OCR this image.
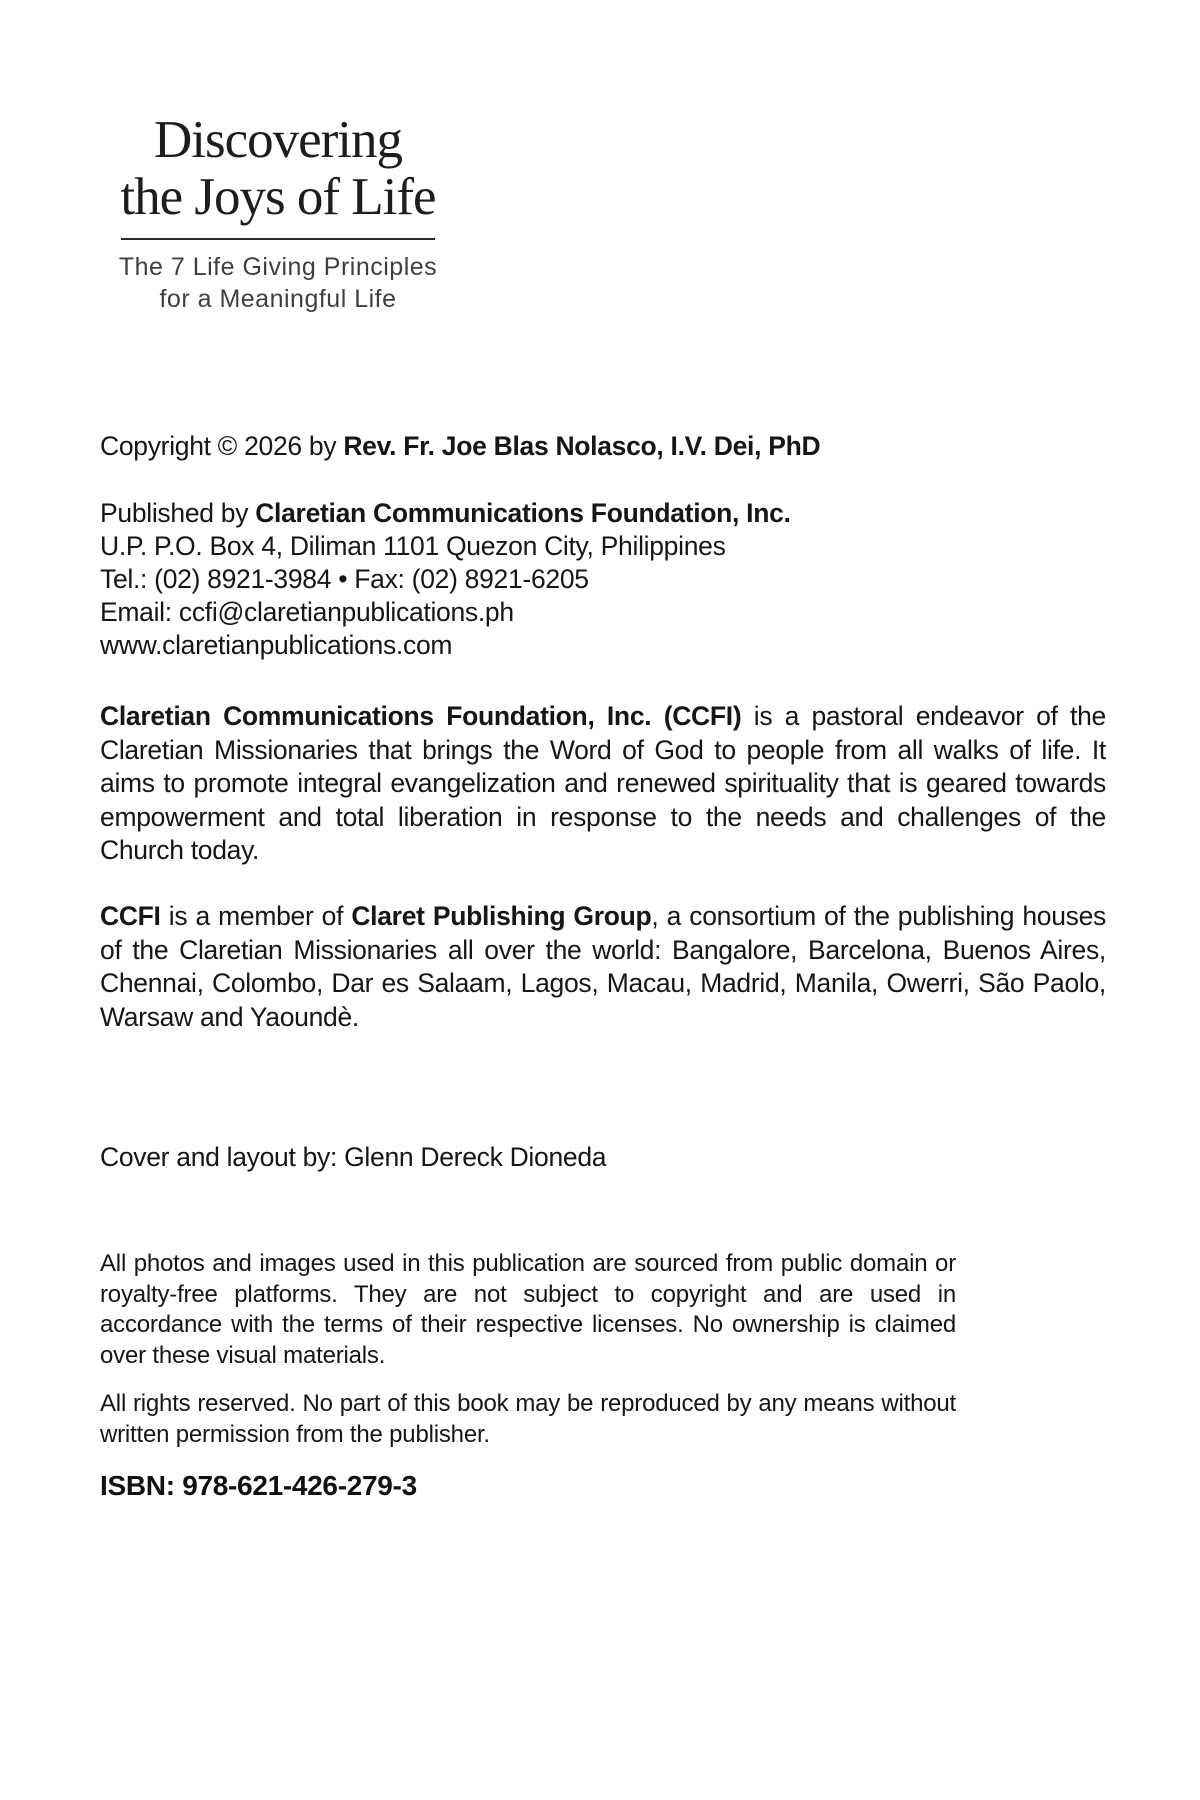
Discovering
the Joys of Life
The 7 Life Giving Principles
for a Meaningful Life
Copyright © 2026 by Rev. Fr. Joe Blas Nolasco, I.V. Dei, PhD
Published by Claretian Communications Foundation, Inc.
U.P. P.O. Box 4, Diliman 1101 Quezon City, Philippines
Tel.: (02) 8921-3984 • Fax: (02) 8921-6205
Email: ccfi@claretianpublications.ph
www.claretianpublications.com
Claretian Communications Foundation, Inc. (CCFI) is a pastoral endeavor of the Claretian Missionaries that brings the Word of God to people from all walks of life. It aims to promote integral evangelization and renewed spirituality that is geared towards empowerment and total liberation in response to the needs and challenges of the Church today.
CCFI is a member of Claret Publishing Group, a consortium of the publishing houses of the Claretian Missionaries all over the world: Bangalore, Barcelona, Buenos Aires, Chennai, Colombo, Dar es Salaam, Lagos, Macau, Madrid, Manila, Owerri, São Paolo, Warsaw and Yaoundè.
Cover and layout by: Glenn Dereck Dioneda
All photos and images used in this publication are sourced from public domain or royalty-free platforms. They are not subject to copyright and are used in accordance with the terms of their respective licenses. No ownership is claimed over these visual materials.
All rights reserved. No part of this book may be reproduced by any means without written permission from the publisher.
ISBN: 978-621-426-279-3
